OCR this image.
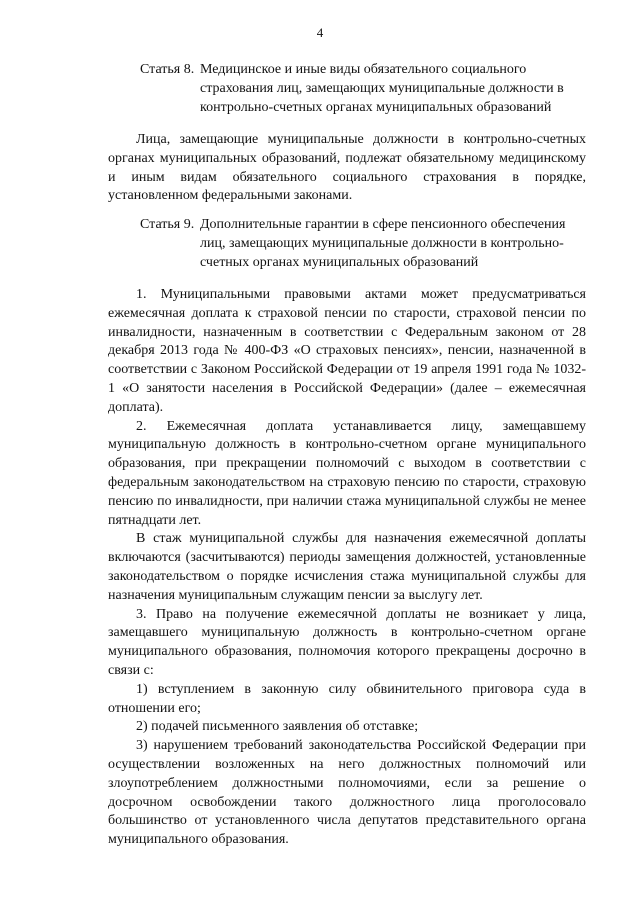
4
Статья 8. Медицинское и иные виды обязательного социального страхования лиц, замещающих муниципальные должности в контрольно-счетных органах муниципальных образований

Лица, замещающие муниципальные должности в контрольно-счетных органах муниципальных образований, подлежат обязательному медицинскому и иным видам обязательного социального страхования в порядке, установленном федеральными законами.

Статья 9. Дополнительные гарантии в сфере пенсионного обеспечения лиц, замещающих муниципальные должности в контрольно-счетных органах муниципальных образований

1. Муниципальными правовыми актами может предусматриваться ежемесячная доплата к страховой пенсии по старости, страховой пенсии по инвалидности, назначенным в соответствии с Федеральным законом от 28 декабря 2013 года № 400-ФЗ «О страховых пенсиях», пенсии, назначенной в соответствии с Законом Российской Федерации от 19 апреля 1991 года № 1032-1 «О занятости населения в Российской Федерации» (далее – ежемесячная доплата).

2. Ежемесячная доплата устанавливается лицу, замещавшему муниципальную должность в контрольно-счетном органе муниципального образования, при прекращении полномочий с выходом в соответствии с федеральным законодательством на страховую пенсию по старости, страховую пенсию по инвалидности, при наличии стажа муниципальной службы не менее пятнадцати лет.

В стаж муниципальной службы для назначения ежемесячной доплаты включаются (засчитываются) периоды замещения должностей, установленные законодательством о порядке исчисления стажа муниципальной службы для назначения муниципальным служащим пенсии за выслугу лет.

3. Право на получение ежемесячной доплаты не возникает у лица, замещавшего муниципальную должность в контрольно-счетном органе муниципального образования, полномочия которого прекращены досрочно в связи с:

1) вступлением в законную силу обвинительного приговора суда в отношении его;

2) подачей письменного заявления об отставке;

3) нарушением требований законодательства Российской Федерации при осуществлении возложенных на него должностных полномочий или злоупотреблением должностными полномочиями, если за решение о досрочном освобождении такого должностного лица проголосовало большинство от установленного числа депутатов представительного органа муниципального образования.
